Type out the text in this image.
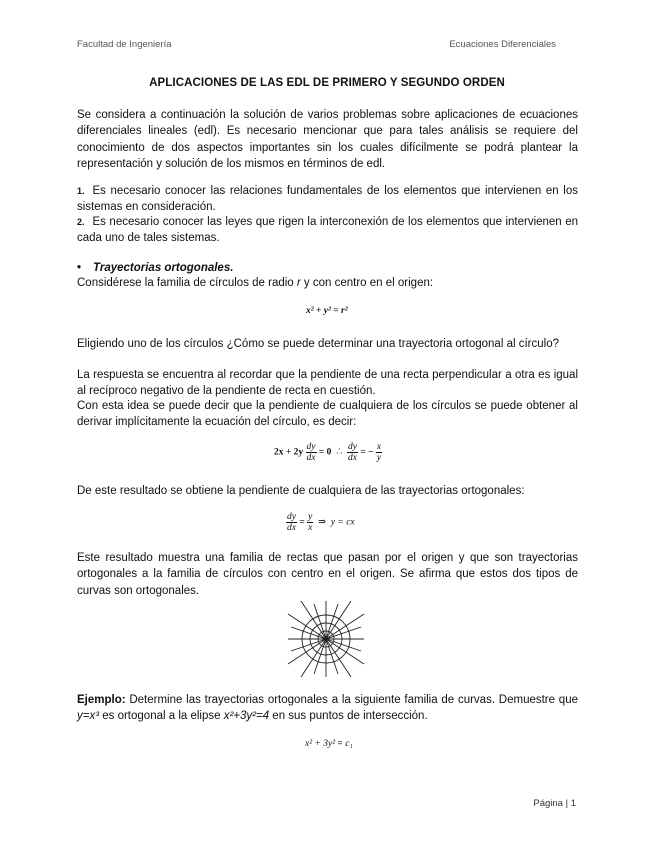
Facultad de Ingeniería	Ecuaciones Diferenciales
APLICACIONES DE LAS EDL DE PRIMERO Y SEGUNDO ORDEN
Se considera a continuación la solución de varios problemas sobre aplicaciones de ecuaciones diferenciales lineales (edl). Es necesario mencionar que para tales análisis se requiere del conocimiento de dos aspectos importantes sin los cuales difícilmente se podrá plantear la representación y solución de los mismos en términos de edl.
1. Es necesario conocer las relaciones fundamentales de los elementos que intervienen en los sistemas en consideración.
2. Es necesario conocer las leyes que rigen la interconexión de los elementos que intervienen en cada uno de tales sistemas.
• Trayectorias ortogonales.
Considérese la familia de círculos de radio r y con centro en el origen:
x² + y² = r²
Eligiendo uno de los círculos ¿Cómo se puede determinar una trayectoria ortogonal al círculo?
La respuesta se encuentra al recordar que la pendiente de una recta perpendicular a otra es igual al recíproco negativo de la pendiente de recta en cuestión.
Con esta idea se puede decir que la pendiente de cualquiera de los círculos se puede obtener al derivar implícitamente la ecuación del círculo, es decir:
$2x + 2y \frac{dy}{dx} = 0$ ∴ $\frac{dy}{dx}$ = − $\frac{x}{y}$
De este resultado se obtiene la pendiente de cualquiera de las trayectorias ortogonales:
$\frac{dy}{dx} = \frac{y}{x}$ ⇒ y = cx
Este resultado muestra una familia de rectas que pasan por el origen y que son trayectorias ortogonales a la familia de círculos con centro en el origen. Se afirma que estos dos tipos de curvas son ortogonales.
Ejemplo: Determine las trayectorias ortogonales a la siguiente familia de curvas. Demuestre que y=x³ es ortogonal a la elipse x²+3y²=4 en sus puntos de intersección.
x² + 3y² = c₁
Página | 1
